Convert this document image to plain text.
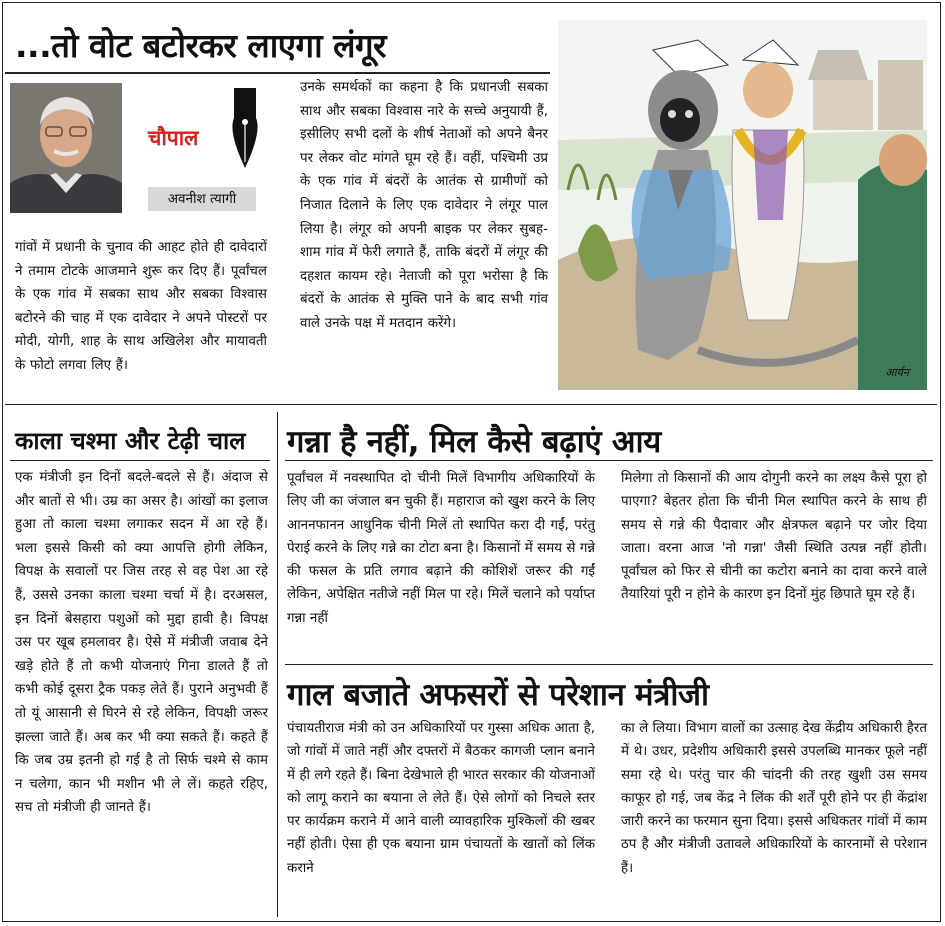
...तो वोट बटोरकर लाएगा लंगूर
चौपाल
अवनीश त्यागी
गांवों में प्रधानी के चुनाव की आहट होते ही दावेदारों ने तमाम टोटके आजमाने शुरू कर दिए हैं। पूर्वांचल के एक गांव में सबका साथ और सबका विश्वास बटोरने की चाह में एक दावेदार ने अपने पोस्टरों पर मोदी, योगी, शाह के साथ अखिलेश और मायावती के फोटो लगवा लिए हैं।
उनके समर्थकों का कहना है कि प्रधानजी सबका साथ और सबका विश्वास नारे के सच्चे अनुयायी हैं, इसीलिए सभी दलों के शीर्ष नेताओं को अपने बैनर पर लेकर वोट मांगते घूम रहे हैं। वहीं, पश्चिमी उप्र के एक गांव में बंदरों के आतंक से ग्रामीणों को निजात दिलाने के लिए एक दावेदार ने लंगूर पाल लिया है। लंगूर को अपनी बाइक पर लेकर सुबह-शाम गांव में फेरी लगाते हैं, ताकि बंदरों में लंगूर की दहशत कायम रहे। नेताजी को पूरा भरोसा है कि बंदरों के आतंक से मुक्ति पाने के बाद सभी गांव वाले उनके पक्ष में मतदान करेंगे।
आर्यन
काला चश्मा और टेढ़ी चाल
एक मंत्रीजी इन दिनों बदले-बदले से हैं। अंदाज से और बातों से भी। उम्र का असर है। आंखों का इलाज हुआ तो काला चश्मा लगाकर सदन में आ रहे हैं। भला इससे किसी को क्या आपत्ति होगी लेकिन, विपक्ष के सवालों पर जिस तरह से वह पेश आ रहे हैं, उससे उनका काला चश्मा चर्चा में है। दरअसल, इन दिनों बेसहारा पशुओं को मुद्दा हावी है। विपक्ष उस पर खूब हमलावर है। ऐसे में मंत्रीजी जवाब देने खड़े होते हैं तो कभी योजनाएं गिना डालते हैं तो कभी कोई दूसरा ट्रैक पकड़ लेते हैं। पुराने अनुभवी हैं तो यूं आसानी से घिरने से रहे लेकिन, विपक्षी जरूर झल्ला जाते हैं। अब कर भी क्या सकते हैं। कहते हैं कि जब उम्र इतनी हो गई है तो सिर्फ चश्मे से काम न चलेगा, कान भी मशीन भी ले लें। कहते रहिए, सच तो मंत्रीजी ही जानते हैं।
गन्ना है नहीं, मिल कैसे बढ़ाएं आय
पूर्वांचल में नवस्थापित दो चीनी मिलें विभागीय अधिकारियों के लिए जी का जंजाल बन चुकी हैं। महाराज को खुश करने के लिए आननफानन आधुनिक चीनी मिलें तो स्थापित करा दी गईं, परंतु पेराई करने के लिए गन्ने का टोटा बना है। किसानों में समय से गन्ने की फसल के प्रति लगाव बढ़ाने की कोशिशें जरूर की गईं लेकिन, अपेक्षित नतीजे नहीं मिल पा रहे। मिलें चलाने को पर्याप्त गन्ना नहीं
मिलेगा तो किसानों की आय दोगुनी करने का लक्ष्य कैसे पूरा हो पाएगा? बेहतर होता कि चीनी मिल स्थापित करने के साथ ही समय से गन्ने की पैदावार और क्षेत्रफल बढ़ाने पर जोर दिया जाता। वरना आज 'नो गन्ना' जैसी स्थिति उत्पन्न नहीं होती। पूर्वांचल को फिर से चीनी का कटोरा बनाने का दावा करने वाले तैयारियां पूरी न होने के कारण इन दिनों मुंह छिपाते घूम रहे हैं।
गाल बजाते अफसरों से परेशान मंत्रीजी
पंचायतीराज मंत्री को उन अधिकारियों पर गुस्सा अधिक आता है, जो गांवों में जाते नहीं और दफ्तरों में बैठकर कागजी प्लान बनाने में ही लगे रहते हैं। बिना देखेभाले ही भारत सरकार की योजनाओं को लागू कराने का बयाना ले लेते हैं। ऐसे लोगों को निचले स्तर पर कार्यक्रम कराने में आने वाली व्यावहारिक मुश्किलों की खबर नहीं होती। ऐसा ही एक बयाना ग्राम पंचायतों के खातों को लिंक कराने
का ले लिया। विभाग वालों का उत्साह देख केंद्रीय अधिकारी हैरत में थे। उधर, प्रदेशीय अधिकारी इससे उपलब्धि मानकर फूले नहीं समा रहे थे। परंतु चार की चांदनी की तरह खुशी उस समय काफूर हो गई, जब केंद्र ने लिंक की शर्तें पूरी होने पर ही केंद्रांश जारी करने का फरमान सुना दिया। इससे अधिकतर गांवों में काम ठप है और मंत्रीजी उतावले अधिकारियों के कारनामों से परेशान हैं।
